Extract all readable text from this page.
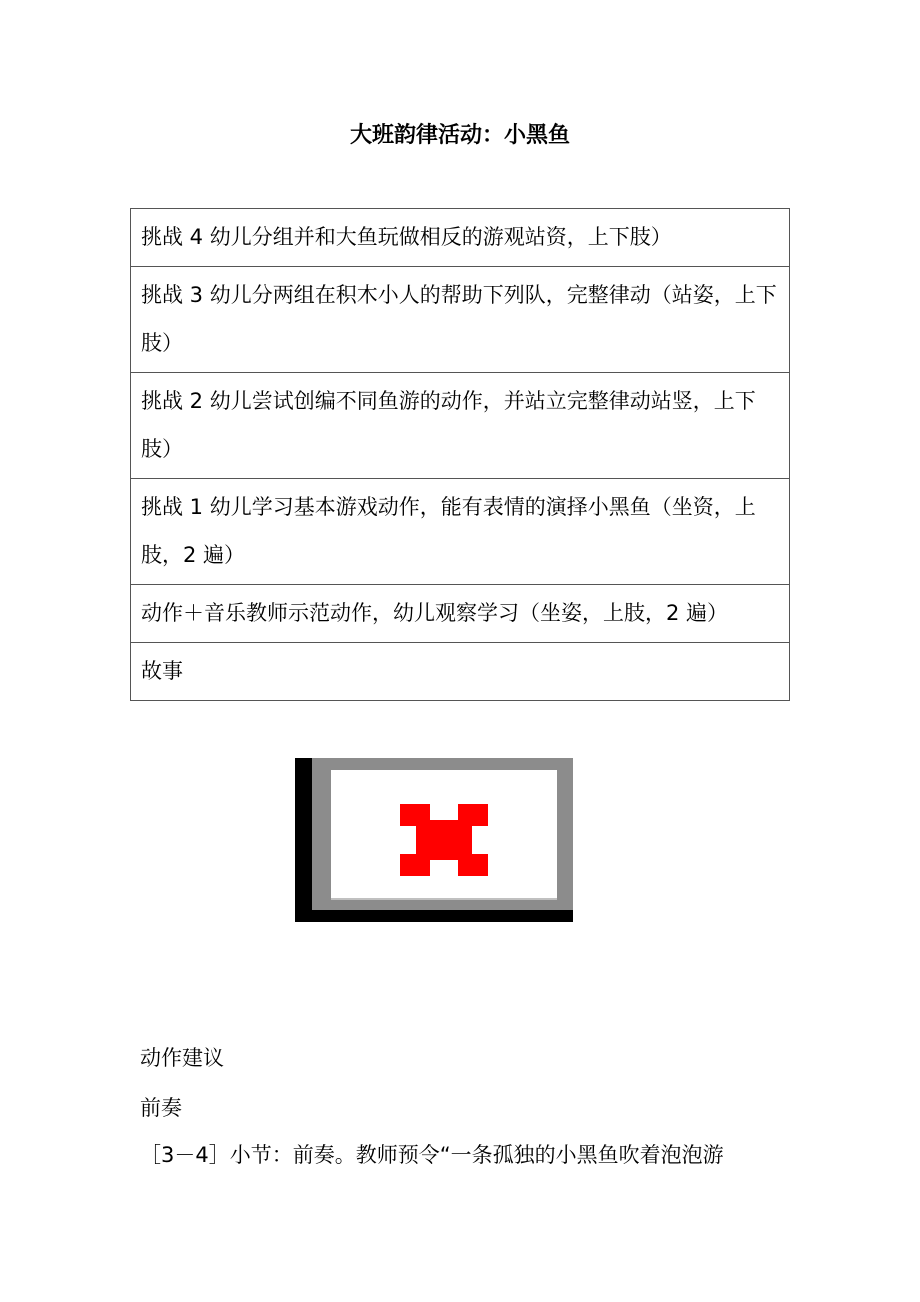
大班韵律活动：小黑鱼
挑战 4 幼儿分组并和大鱼玩做相反的游观站资，上下肢）
挑战 3 幼儿分两组在积木小人的帮助下列队，完整律动（站姿，上下肢）
挑战 2 幼儿尝试创编不同鱼游的动作，并站立完整律动站竖，上下肢）
挑战 1 幼儿学习基本游戏动作，能有表情的演择小黑鱼（坐资，上肢，2 遍）
动作＋音乐教师示范动作，幼儿观察学习（坐姿，上肢，2 遍）
故事
动作建议
前奏
［3－4］小节：前奏。教师预令“一条孤独的小黑鱼吹着泡泡游
